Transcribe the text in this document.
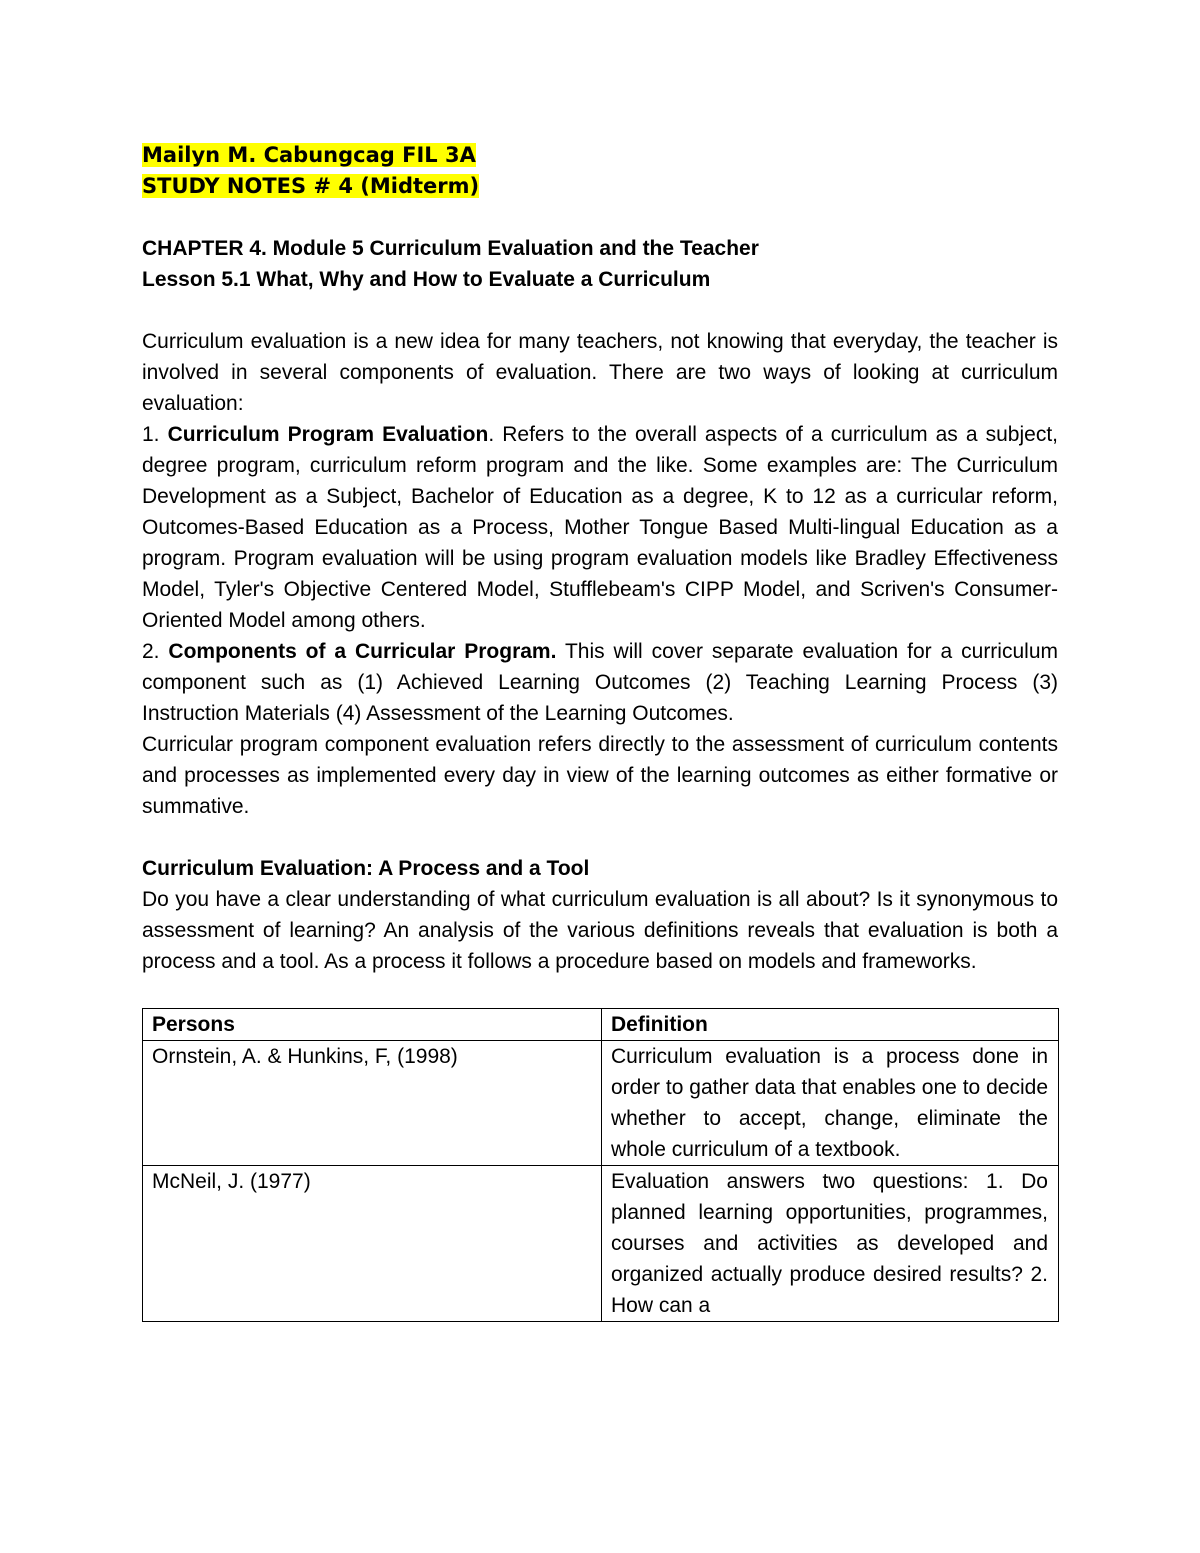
Mailyn M. Cabungcag FIL 3A
STUDY NOTES # 4 (Midterm)
CHAPTER 4. Module 5 Curriculum Evaluation and the Teacher
Lesson 5.1 What, Why and How to Evaluate a Curriculum
Curriculum evaluation is a new idea for many teachers, not knowing that everyday, the teacher is involved in several components of evaluation. There are two ways of looking at curriculum evaluation:
1. Curriculum Program Evaluation. Refers to the overall aspects of a curriculum as a subject, degree program, curriculum reform program and the like. Some examples are: The Curriculum Development as a Subject, Bachelor of Education as a degree, K to 12 as a curricular reform, Outcomes-Based Education as a Process, Mother Tongue Based Multi-lingual Education as a program. Program evaluation will be using program evaluation models like Bradley Effectiveness Model, Tyler's Objective Centered Model, Stufflebeam's CIPP Model, and Scriven's Consumer-Oriented Model among others.
2. Components of a Curricular Program. This will cover separate evaluation for a curriculum component such as (1) Achieved Learning Outcomes (2) Teaching Learning Process (3) Instruction Materials (4) Assessment of the Learning Outcomes.
Curricular program component evaluation refers directly to the assessment of curriculum contents and processes as implemented every day in view of the learning outcomes as either formative or summative.
Curriculum Evaluation: A Process and a Tool
Do you have a clear understanding of what curriculum evaluation is all about? Is it synonymous to assessment of learning? An analysis of the various definitions reveals that evaluation is both a process and a tool. As a process it follows a procedure based on models and frameworks.
Persons	Definition
Ornstein, A. & Hunkins, F, (1998)	Curriculum evaluation is a process done in order to gather data that enables one to decide whether to accept, change, eliminate the whole curriculum of a textbook.
McNeil, J. (1977)	Evaluation answers two questions: 1. Do planned learning opportunities, programmes, courses and activities as developed and organized actually produce desired results? 2. How can a
